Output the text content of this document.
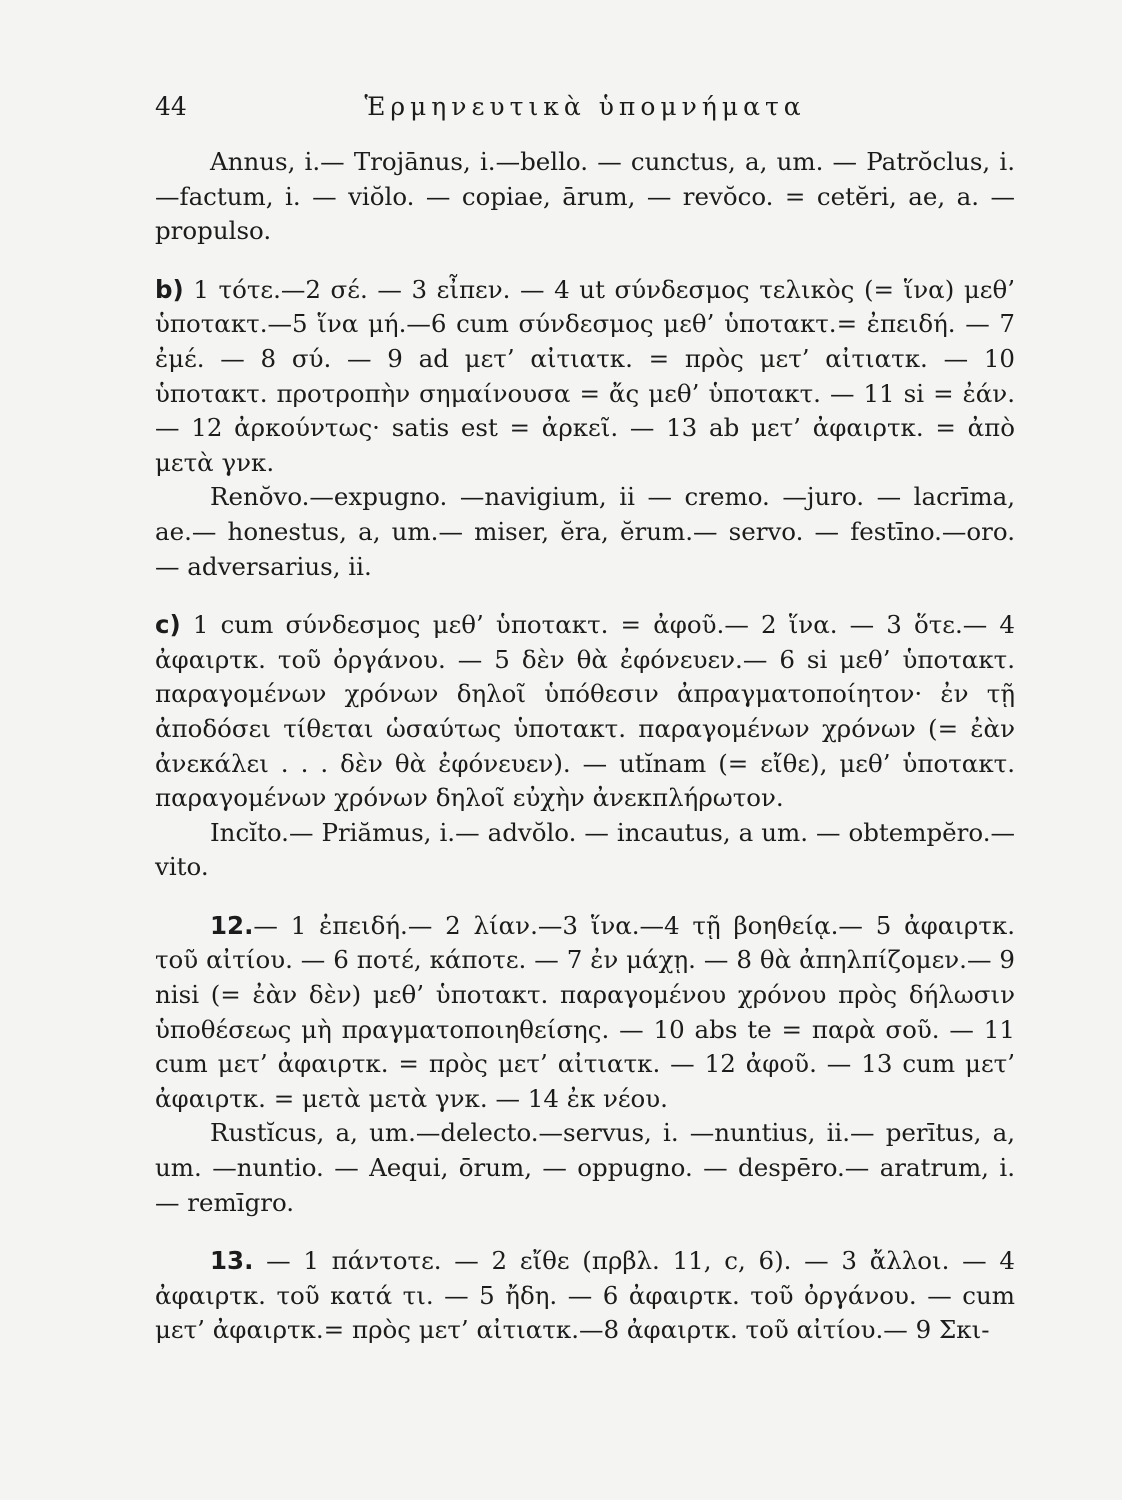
44	Ἑρμηνευτικὰ ὑπομνήματα

Annus, i.— Trojānus, i.—bello. — cunctus, a, um. — Patrŏclus, i.—factum, i. — viŏlo. — copiae, ārum, — revŏco. = cetĕri, ae, a. — propulso.

b) 1 τότε.—2 σέ. — 3 εἶπεν. — 4 ut σύνδεσμος τελικὸς (= ἵνα) μεθ’ ὑποτακτ.—5 ἵνα μή.—6 cum σύνδεσμος μεθ’ ὑποτακτ.= ἐπειδή. — 7 ἐμέ. — 8 σύ. — 9 ad μετ’ αἰτιατκ. = πρὸς μετ’ αἰτιατκ. — 10 ὑποτακτ. προτροπὴν σημαίνουσα = ἄς μεθ’ ὑποτακτ. — 11 si = ἐάν. — 12 ἀρκούντως· satis est = ἀρκεῖ. — 13 ab μετ’ ἀφαιρτκ. = ἀπὸ μετὰ γνκ.

Renŏvo.—expugno. —navigium, ii — cremo. —juro. — lacrīma, ae.— honestus, a, um.— miser, ĕra, ĕrum.— servo. — festīno.—oro. — adversarius, ii.

c) 1 cum σύνδεσμος μεθ’ ὑποτακτ. = ἀφοῦ.— 2 ἵνα. — 3 ὅτε.— 4 ἀφαιρτκ. τοῦ ὀργάνου. — 5 δὲν θὰ ἐφόνευεν.— 6 si μεθ’ ὑποτακτ. παραγομένων χρόνων δηλοῖ ὑπόθεσιν ἀπραγματοποίητον· ἐν τῇ ἀποδόσει τίθεται ὡσαύτως ὑποτακτ. παραγομένων χρόνων (= ἐὰν ἀνεκάλει . . . δὲν θὰ ἐφόνευεν). — utĭnam (= εἴθε), μεθ’ ὑποτακτ. παραγομένων χρόνων δηλοῖ εὐχὴν ἀνεκπλήρωτον.

Incĭto.— Priămus, i.— advŏlo. — incautus, a um. — obtempĕro.—vito.

12.— 1 ἐπειδή.— 2 λίαν.—3 ἵνα.—4 τῇ βοηθείᾳ.— 5 ἀφαιρτκ. τοῦ αἰτίου. — 6 ποτέ, κάποτε. — 7 ἐν μάχῃ. — 8 θὰ ἀπηλπίζομεν.— 9 nisi (= ἐὰν δὲν) μεθ’ ὑποτακτ. παραγομένου χρόνου πρὸς δήλωσιν ὑποθέσεως μὴ πραγματοποιηθείσης. — 10 abs te = παρὰ σοῦ. — 11 cum μετ’ ἀφαιρτκ. = πρὸς μετ’ αἰτιατκ. — 12 ἀφοῦ. — 13 cum μετ’ ἀφαιρτκ. = μετὰ μετὰ γνκ. — 14 ἐκ νέου.

Rustĭcus, a, um.—delecto.—servus, i. —nuntius, ii.— perītus, a, um. —nuntio. — Aequi, ōrum, — oppugno. — despēro.— aratrum, i. — remīgro.

13. — 1 πάντοτε. — 2 εἴθε (πρβλ. 11, c, 6). — 3 ἄλλοι. — 4 ἀφαιρτκ. τοῦ κατά τι. — 5 ἤδη. — 6 ἀφαιρτκ. τοῦ ὀργάνου. — cum μετ’ ἀφαιρτκ.= πρὸς μετ’ αἰτιατκ.—8 ἀφαιρτκ. τοῦ αἰτίου.— 9 Σκι-
